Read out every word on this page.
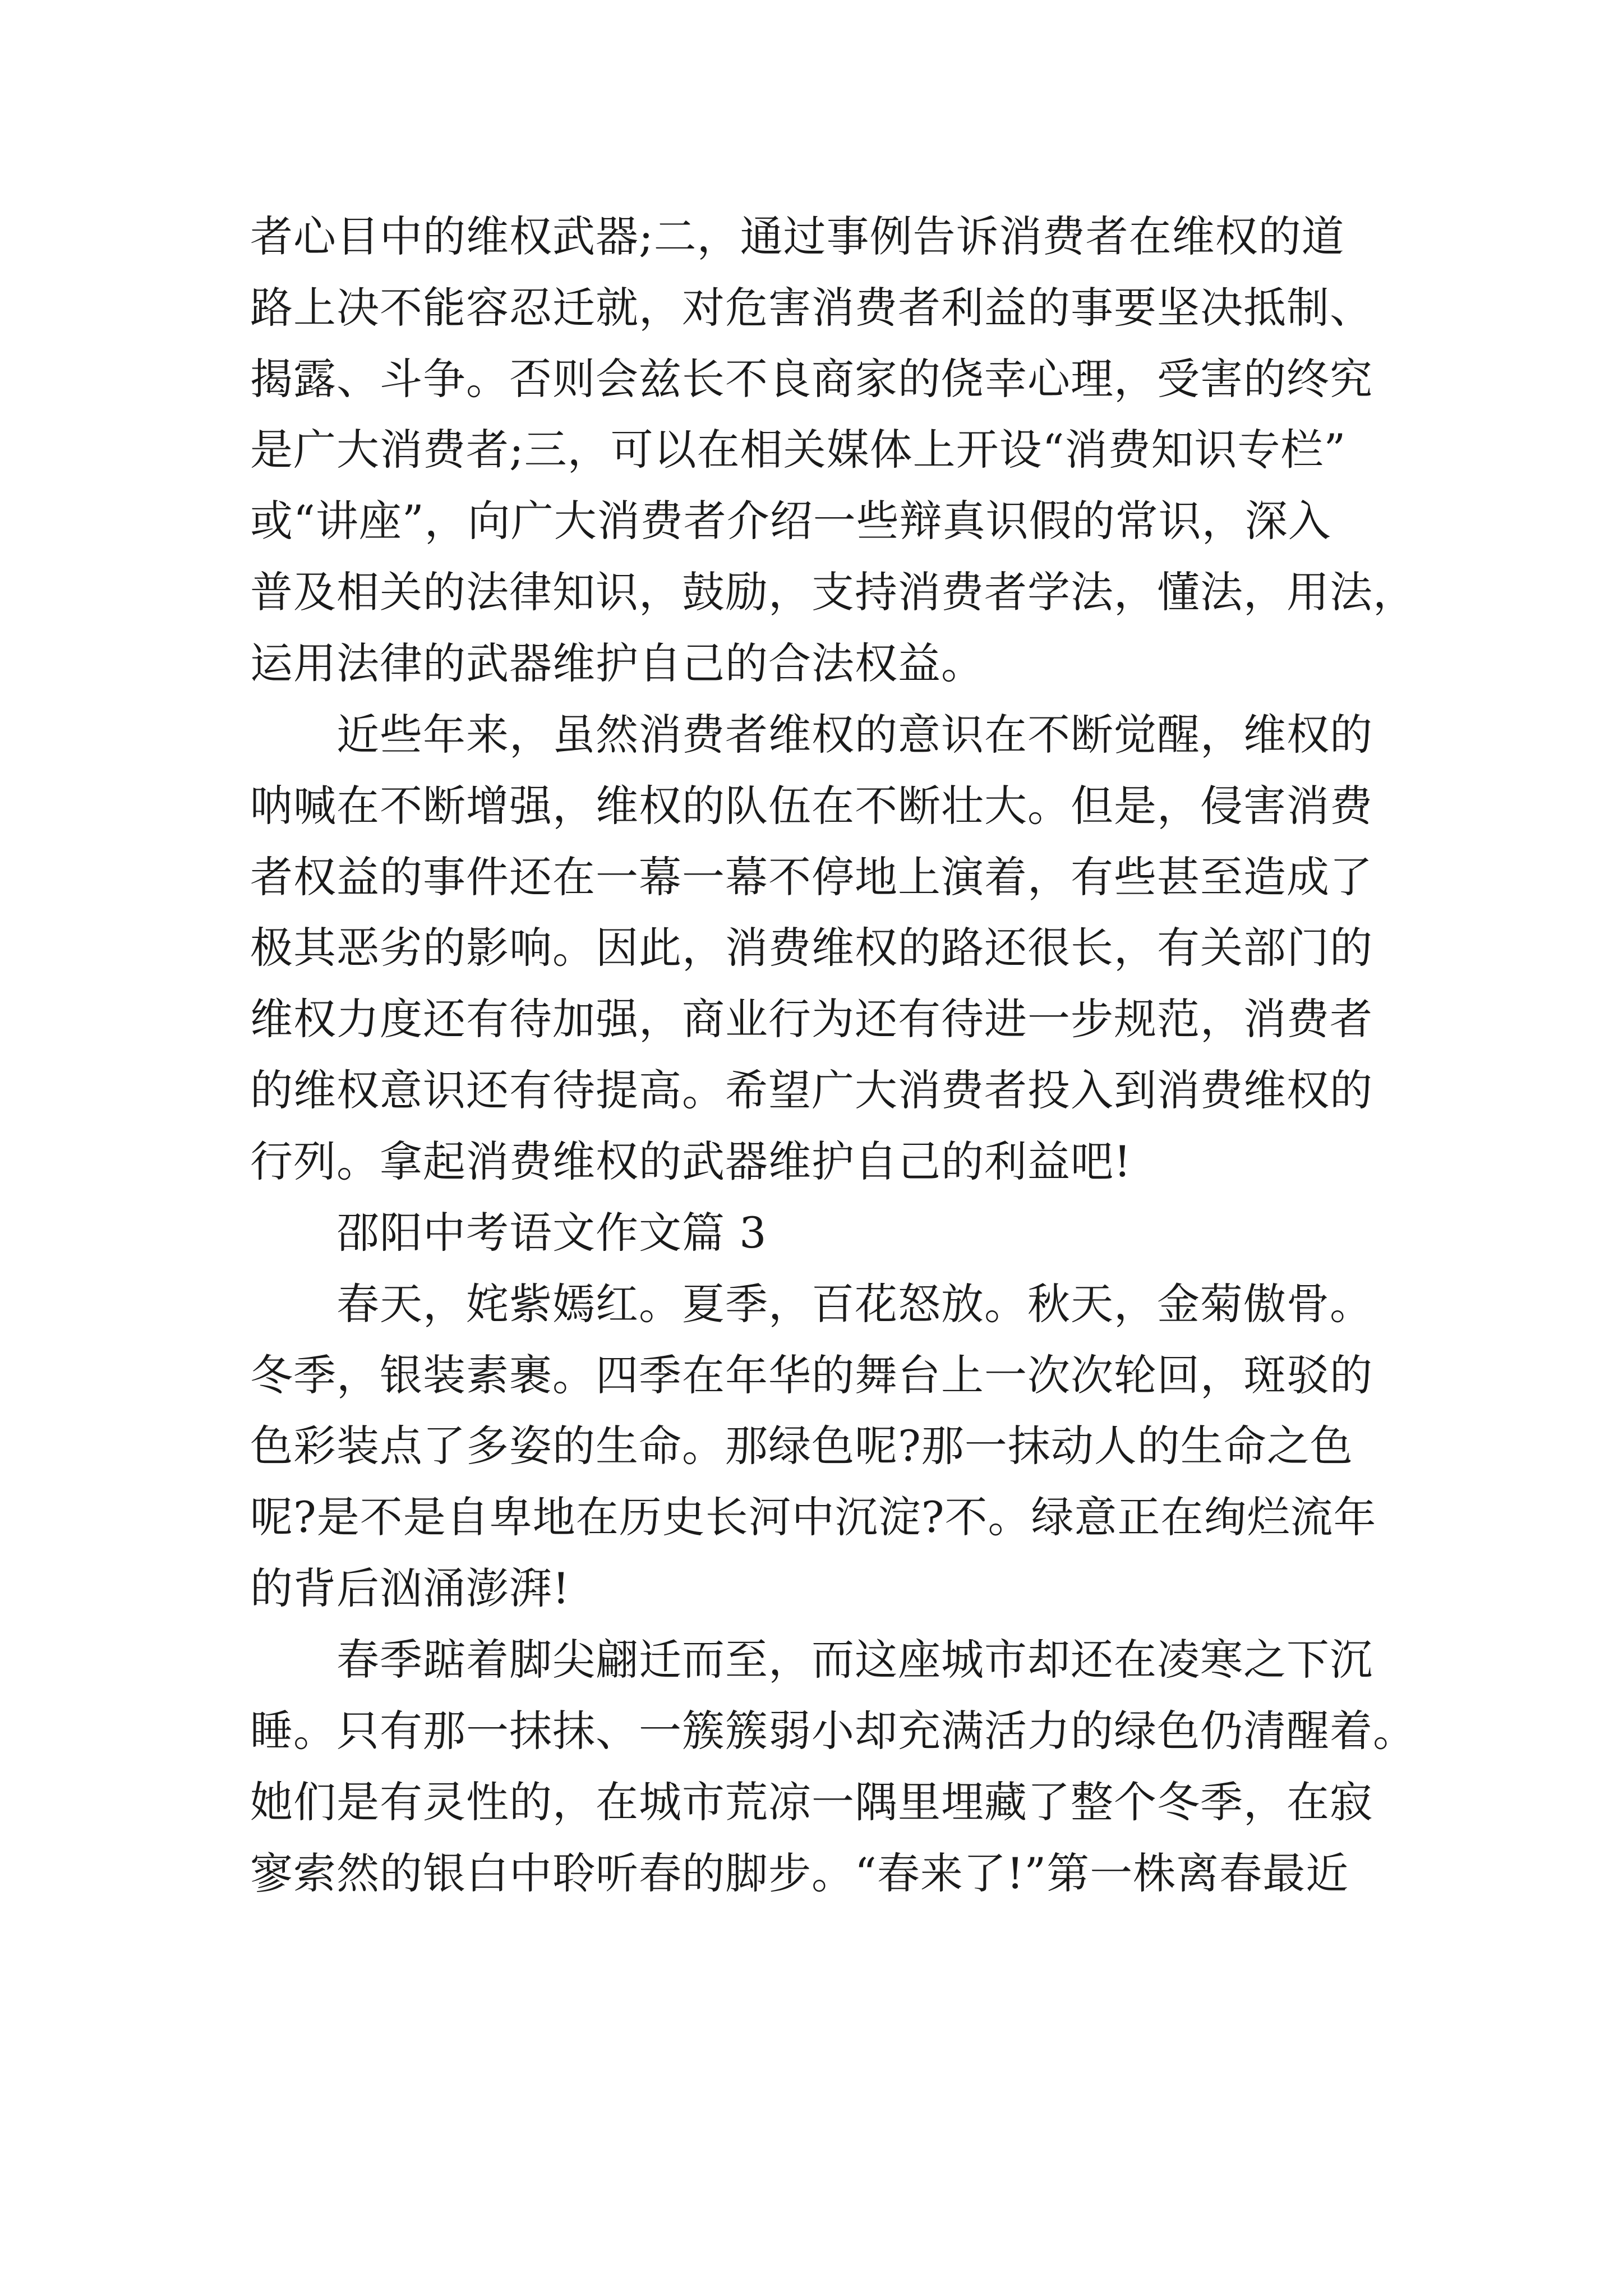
者心目中的维权武器;二，通过事例告诉消费者在维权的道
路上决不能容忍迁就，对危害消费者利益的事要坚决抵制、
揭露、斗争。否则会兹长不良商家的侥幸心理，受害的终究
是广大消费者;三，可以在相关媒体上开设“消费知识专栏”
或“讲座”，向广大消费者介绍一些辩真识假的常识，深入
普及相关的法律知识，鼓励，支持消费者学法，懂法，用法，
运用法律的武器维护自己的合法权益。
近些年来，虽然消费者维权的意识在不断觉醒，维权的
呐喊在不断增强，维权的队伍在不断壮大。但是，侵害消费
者权益的事件还在一幕一幕不停地上演着，有些甚至造成了
极其恶劣的影响。因此，消费维权的路还很长，有关部门的
维权力度还有待加强，商业行为还有待进一步规范，消费者
的维权意识还有待提高。希望广大消费者投入到消费维权的
行列。拿起消费维权的武器维护自己的利益吧!
邵阳中考语文作文篇 3
春天，姹紫嫣红。夏季，百花怒放。秋天，金菊傲骨。
冬季，银装素裹。四季在年华的舞台上一次次轮回，斑驳的
色彩装点了多姿的生命。那绿色呢?那一抹动人的生命之色
呢?是不是自卑地在历史长河中沉淀?不。绿意正在绚烂流年
的背后汹涌澎湃!
春季踮着脚尖翩迁而至，而这座城市却还在凌寒之下沉
睡。只有那一抹抹、一簇簇弱小却充满活力的绿色仍清醒着。
她们是有灵性的，在城市荒凉一隅里埋藏了整个冬季，在寂
寥索然的银白中聆听春的脚步。“春来了!”第一株离春最近
